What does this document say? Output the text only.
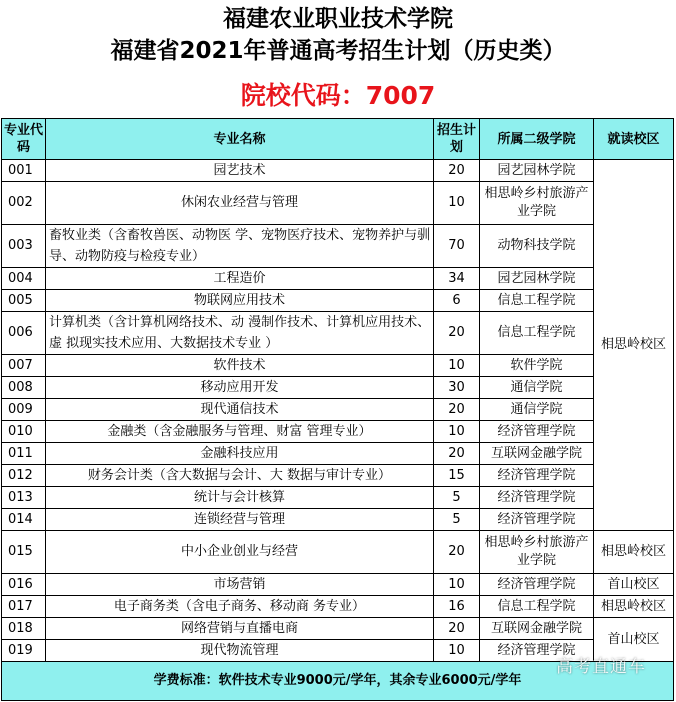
福建农业职业技术学院
福建省2021年普通高考招生计划（历史类）
院校代码：7007
专业代码	专业名称	招生计划	所属二级学院	就读校区
001	园艺技术	20	园艺园林学院	相思岭校区
002	休闲农业经营与管理	10	相思岭乡村旅游产业学院	
003	畜牧业类（含畜牧兽医、动物医 学、宠物医疗技术、宠物养护与驯 导、动物防疫与检疫专业）	70	动物科技学院	
004	工程造价	34	园艺园林学院	
005	物联网应用技术	6	信息工程学院	
006	计算机类（含计算机网络技术、动 漫制作技术、计算机应用技术、虚 拟现实技术应用、大数据技术专业 ）	20	信息工程学院	
007	软件技术	10	软件学院	
008	移动应用开发	30	通信学院	
009	现代通信技术	20	通信学院	
010	金融类（含金融服务与管理、财富 管理专业）	10	经济管理学院	
011	金融科技应用	20	互联网金融学院	
012	财务会计类（含大数据与会计、大 数据与审计专业）	15	经济管理学院	
013	统计与会计核算	5	经济管理学院	
014	连锁经营与管理	5	经济管理学院	
015	中小企业创业与经营	20	相思岭乡村旅游产业学院	相思岭校区
016	市场营销	10	经济管理学院	首山校区
017	电子商务类（含电子商务、移动商 务专业）	16	信息工程学院	相思岭校区
018	网络营销与直播电商	20	互联网金融学院	首山校区
019	现代物流管理	10	经济管理学院	
学费标准：软件技术专业9000元/学年，其余专业6000元/学年				
高考直通车
